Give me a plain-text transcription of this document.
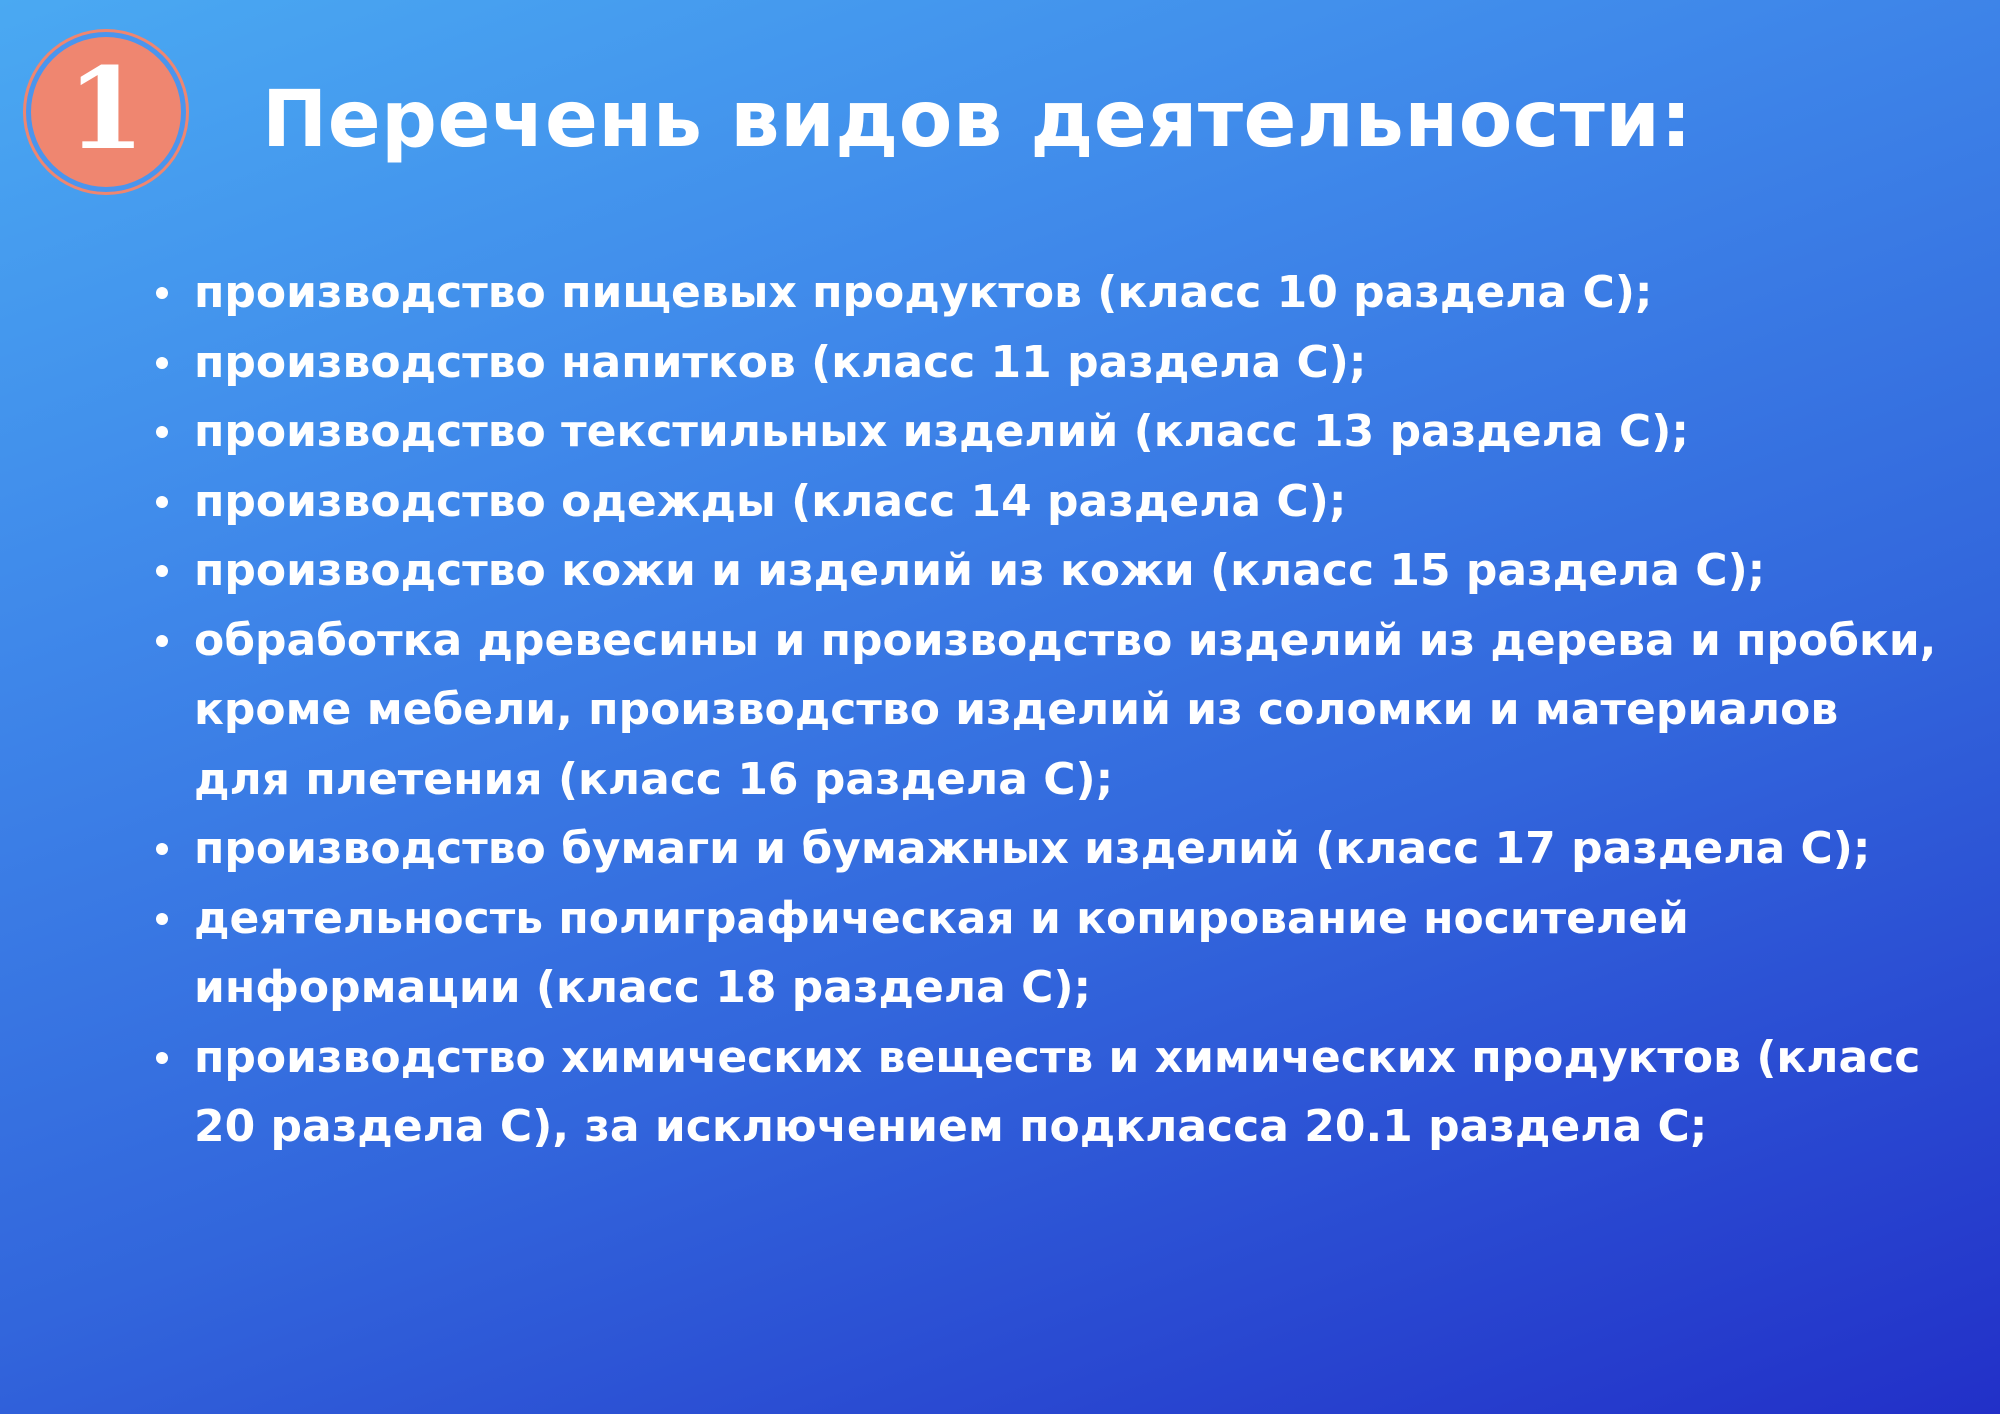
1 Перечень видов деятельности:
производство пищевых продуктов (класс 10 раздела С);
производство напитков (класс 11 раздела С);
производство текстильных изделий (класс 13 раздела С);
производство одежды (класс 14 раздела С);
производство кожи и изделий из кожи (класс 15 раздела С);
обработка древесины и производство изделий из дерева и пробки, кроме мебели, производство изделий из соломки и материалов для плетения (класс 16 раздела С);
производство бумаги и бумажных изделий (класс 17 раздела С);
деятельность полиграфическая и копирование носителей информации (класс 18 раздела С);
производство химических веществ и химических продуктов (класс 20 раздела С), за исключением подкласса 20.1 раздела С;
